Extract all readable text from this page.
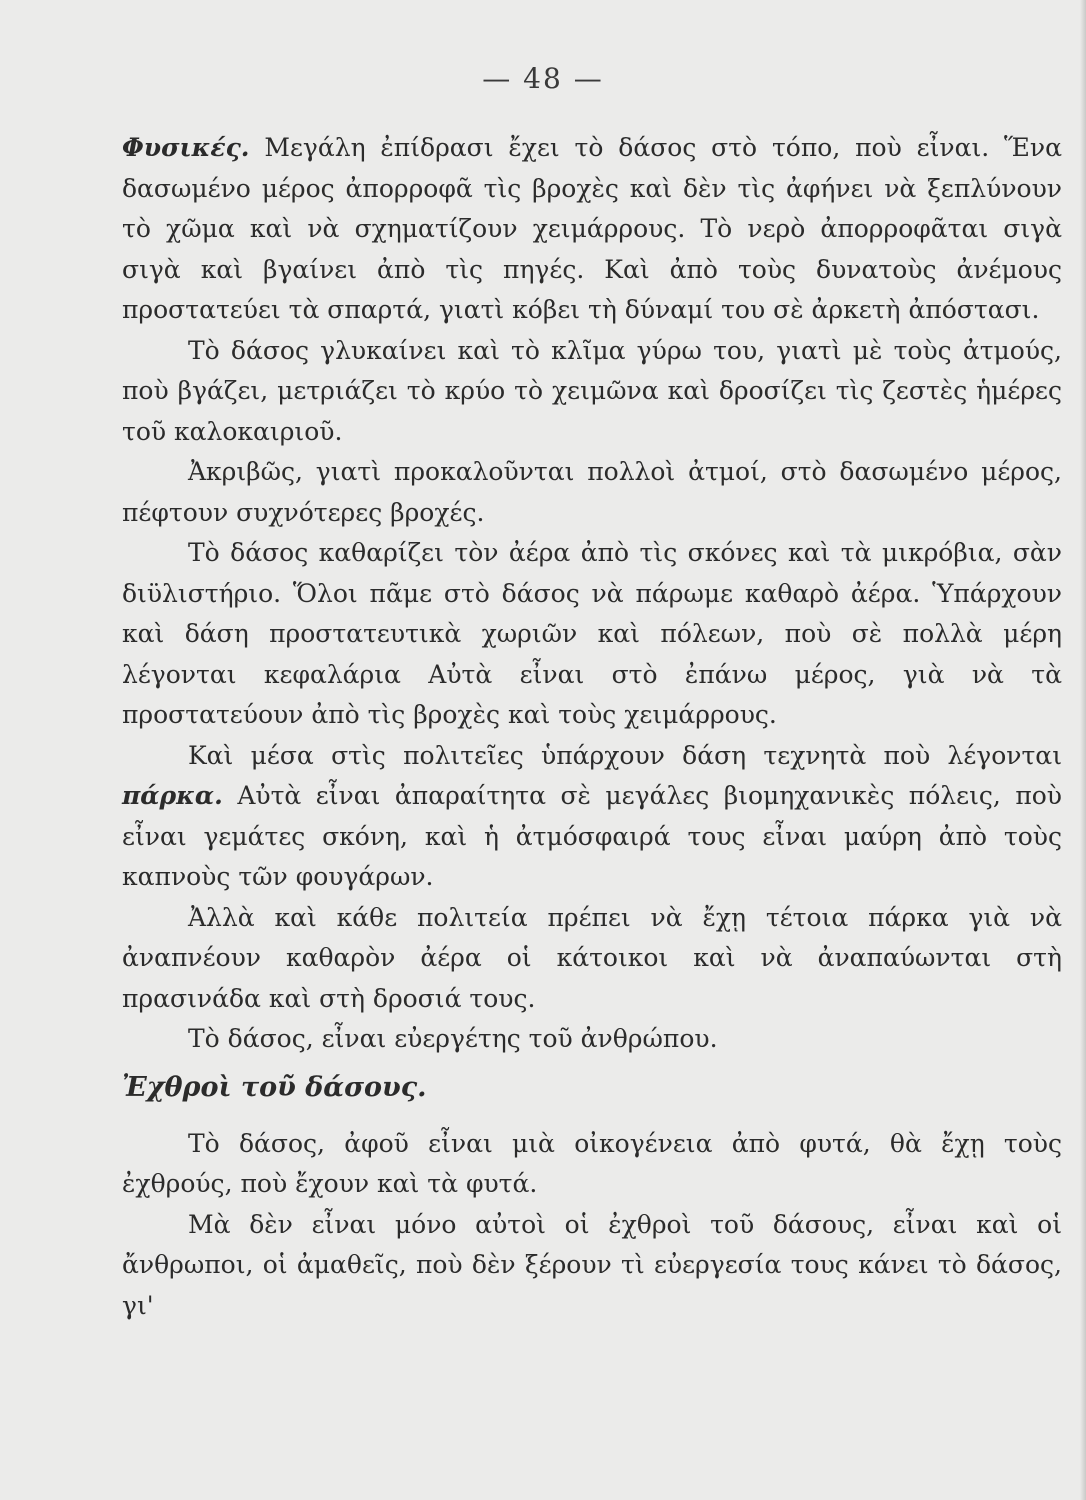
— 48 —

Φυσικές. Μεγάλη ἐπίδρασι ἔχει τὸ δάσος στὸ τόπο, ποὺ εἶναι. Ἕνα δασωμένο μέρος ἀπορροφᾶ τὶς βροχὲς καὶ δὲν τὶς ἀφήνει νὰ ξεπλύνουν τὸ χῶμα καὶ νὰ σχηματίζουν χειμάρρους. Τὸ νερὸ ἀπορροφᾶται σιγὰ σιγὰ καὶ βγαίνει ἀπὸ τὶς πηγές. Καὶ ἀπὸ τοὺς δυνατοὺς ἀνέμους προστατεύει τὰ σπαρτά, γιατὶ κόβει τὴ δύναμί του σὲ ἀρκετὴ ἀπόστασι.

Τὸ δάσος γλυκαίνει καὶ τὸ κλῖμα γύρω του, γιατὶ μὲ τοὺς ἀτμούς, ποὺ βγάζει, μετριάζει τὸ κρύο τὸ χειμῶνα καὶ δροσίζει τὶς ζεστὲς ἡμέρες τοῦ καλοκαιριοῦ.

Ἀκριβῶς, γιατὶ προκαλοῦνται πολλοὶ ἀτμοί, στὸ δασωμένο μέρος, πέφτουν συχνότερες βροχές.

Τὸ δάσος καθαρίζει τὸν ἀέρα ἀπὸ τὶς σκόνες καὶ τὰ μικρόβια, σὰν διϋλιστήριο. Ὅλοι πᾶμε στὸ δάσος νὰ πάρωμε καθαρὸ ἀέρα. Ὑπάρχουν καὶ δάση προστατευτικὰ χωριῶν καὶ πόλεων, ποὺ σὲ πολλὰ μέρη λέγονται κεφαλάρια Αὐτὰ εἶναι στὸ ἐπάνω μέρος, γιὰ νὰ τὰ προστατεύουν ἀπὸ τὶς βροχὲς καὶ τοὺς χειμάρρους.

Καὶ μέσα στὶς πολιτεῖες ὑπάρχουν δάση τεχνητὰ ποὺ λέγονται πάρκα. Αὐτὰ εἶναι ἀπαραίτητα σὲ μεγάλες βιομηχανικὲς πόλεις, ποὺ εἶναι γεμάτες σκόνη, καὶ ἡ ἀτμόσφαιρά τους εἶναι μαύρη ἀπὸ τοὺς καπνοὺς τῶν φουγάρων.

Ἀλλὰ καὶ κάθε πολιτεία πρέπει νὰ ἔχῃ τέτοια πάρκα γιὰ νὰ ἀναπνέουν καθαρὸν ἀέρα οἱ κάτοικοι καὶ νὰ ἀναπαύωνται στὴ πρασινάδα καὶ στὴ δροσιά τους.

Τὸ δάσος, εἶναι εὐεργέτης τοῦ ἀνθρώπου.

Ἐχθροὶ τοῦ δάσους.

Τὸ δάσος, ἀφοῦ εἶναι μιὰ οἰκογένεια ἀπὸ φυτά, θὰ ἔχῃ τοὺς ἐχθρούς, ποὺ ἔχουν καὶ τὰ φυτά.

Μὰ δὲν εἶναι μόνο αὐτοὶ οἱ ἐχθροὶ τοῦ δάσους, εἶναι καὶ οἱ ἄνθρωποι, οἱ ἀμαθεῖς, ποὺ δὲν ξέρουν τὶ εὐεργεσία τους κάνει τὸ δάσος, γι'
